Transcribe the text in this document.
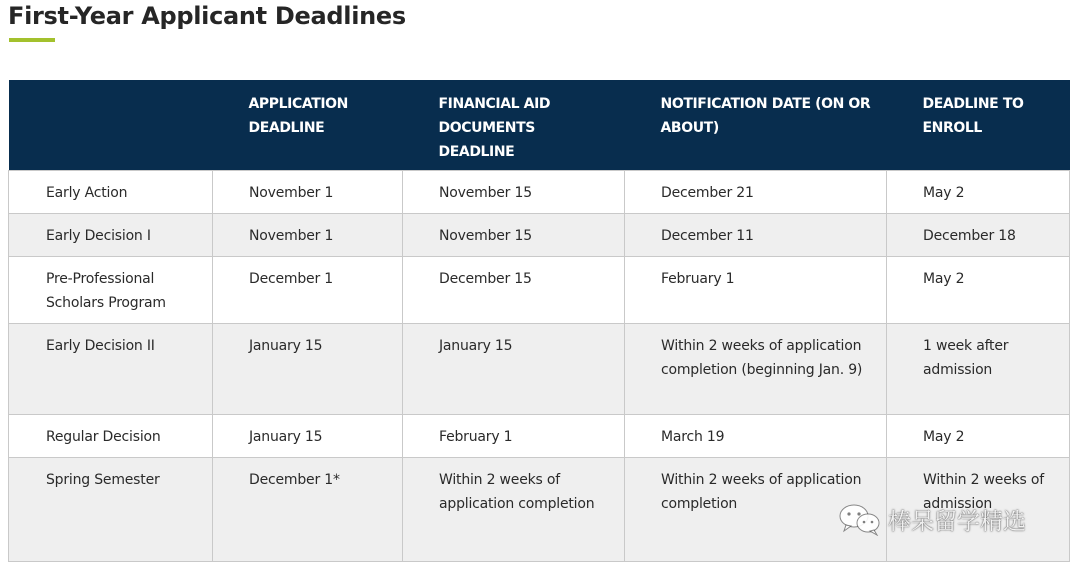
First-Year Applicant Deadlines
	APPLICATION DEADLINE	FINANCIAL AID DOCUMENTS DEADLINE	NOTIFICATION DATE (ON OR ABOUT)	DEADLINE TO ENROLL
Early Action	November 1	November 15	December 21	May 2
Early Decision I	November 1	November 15	December 11	December 18
Pre-Professional Scholars Program	December 1	December 15	February 1	May 2
Early Decision II	January 15	January 15	Within 2 weeks of application completion (beginning Jan. 9)	1 week after admission
Regular Decision	January 15	February 1	March 19	May 2
Spring Semester	December 1*	Within 2 weeks of application completion	Within 2 weeks of application completion	Within 2 weeks of admission
棒呆留学精选
